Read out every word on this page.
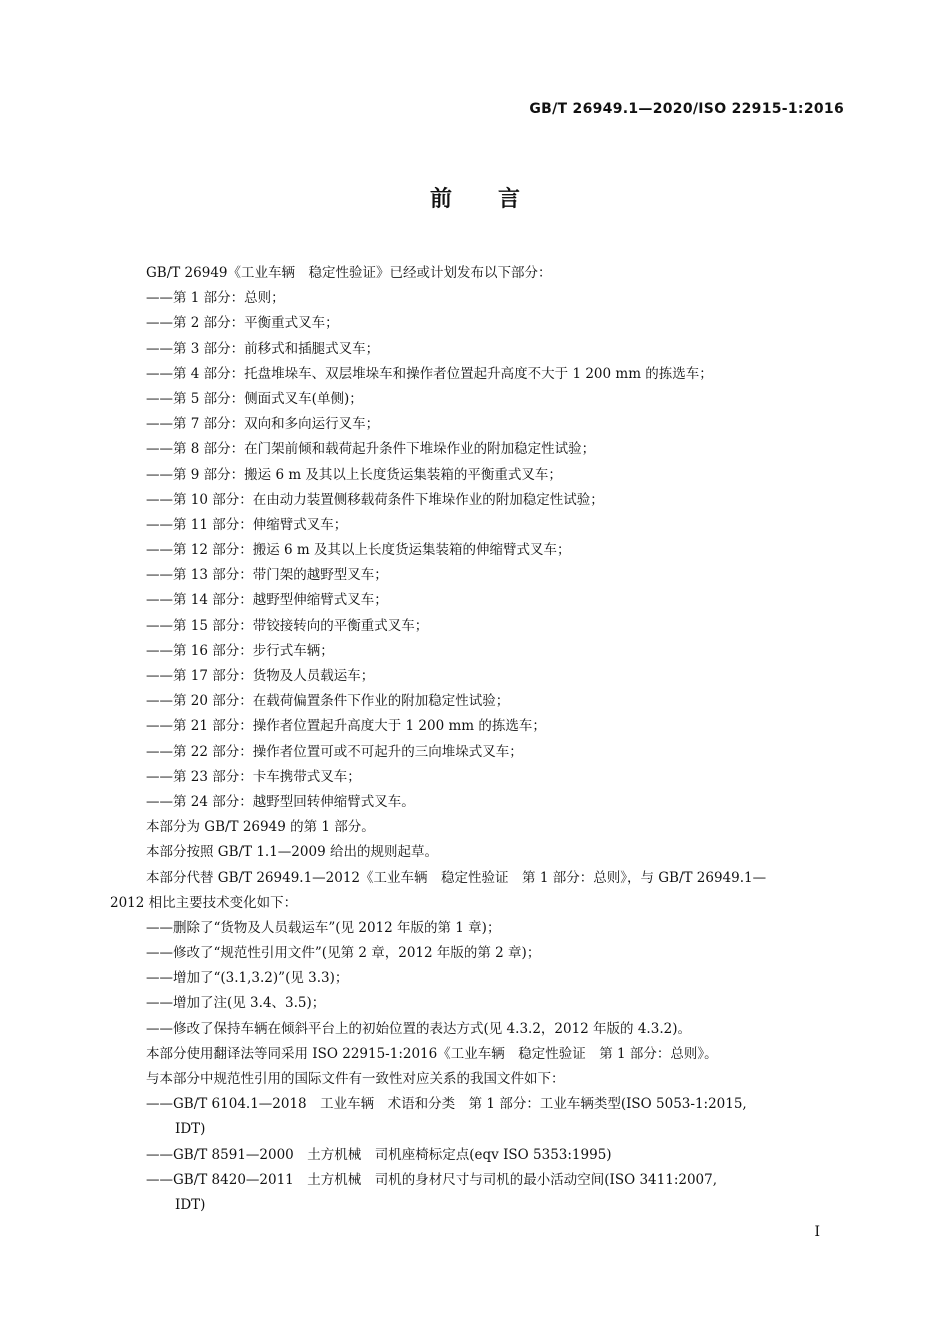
GB/T 26949.1—2020/ISO 22915-1:2016
前言
GB/T 26949《工业车辆　稳定性验证》已经或计划发布以下部分：
——第 1 部分：总则；
——第 2 部分：平衡重式叉车；
——第 3 部分：前移式和插腿式叉车；
——第 4 部分：托盘堆垛车、双层堆垛车和操作者位置起升高度不大于 1 200 mm 的拣选车；
——第 5 部分：侧面式叉车(单侧)；
——第 7 部分：双向和多向运行叉车；
——第 8 部分：在门架前倾和载荷起升条件下堆垛作业的附加稳定性试验；
——第 9 部分：搬运 6 m 及其以上长度货运集装箱的平衡重式叉车；
——第 10 部分：在由动力装置侧移载荷条件下堆垛作业的附加稳定性试验；
——第 11 部分：伸缩臂式叉车；
——第 12 部分：搬运 6 m 及其以上长度货运集装箱的伸缩臂式叉车；
——第 13 部分：带门架的越野型叉车；
——第 14 部分：越野型伸缩臂式叉车；
——第 15 部分：带铰接转向的平衡重式叉车；
——第 16 部分：步行式车辆；
——第 17 部分：货物及人员载运车；
——第 20 部分：在载荷偏置条件下作业的附加稳定性试验；
——第 21 部分：操作者位置起升高度大于 1 200 mm 的拣选车；
——第 22 部分：操作者位置可或不可起升的三向堆垛式叉车；
——第 23 部分：卡车携带式叉车；
——第 24 部分：越野型回转伸缩臂式叉车。
本部分为 GB/T 26949 的第 1 部分。
本部分按照 GB/T 1.1—2009 给出的规则起草。
本部分代替 GB/T 26949.1—2012《工业车辆　稳定性验证　第 1 部分：总则》，与 GB/T 26949.1—
2012 相比主要技术变化如下：
——删除了“货物及人员载运车”(见 2012 年版的第 1 章)；
——修改了“规范性引用文件”(见第 2 章，2012 年版的第 2 章)；
——增加了“(3.1,3.2)”(见 3.3)；
——增加了注(见 3.4、3.5)；
——修改了保持车辆在倾斜平台上的初始位置的表达方式(见 4.3.2，2012 年版的 4.3.2)。
本部分使用翻译法等同采用 ISO 22915-1:2016《工业车辆　稳定性验证　第 1 部分：总则》。
与本部分中规范性引用的国际文件有一致性对应关系的我国文件如下：
——GB/T 6104.1—2018　工业车辆　术语和分类　第 1 部分：工业车辆类型(ISO 5053-1:2015,
IDT)
——GB/T 8591—2000　土方机械　司机座椅标定点(eqv ISO 5353:1995)
——GB/T 8420—2011　土方机械　司机的身材尺寸与司机的最小活动空间(ISO 3411:2007,
IDT)
I
